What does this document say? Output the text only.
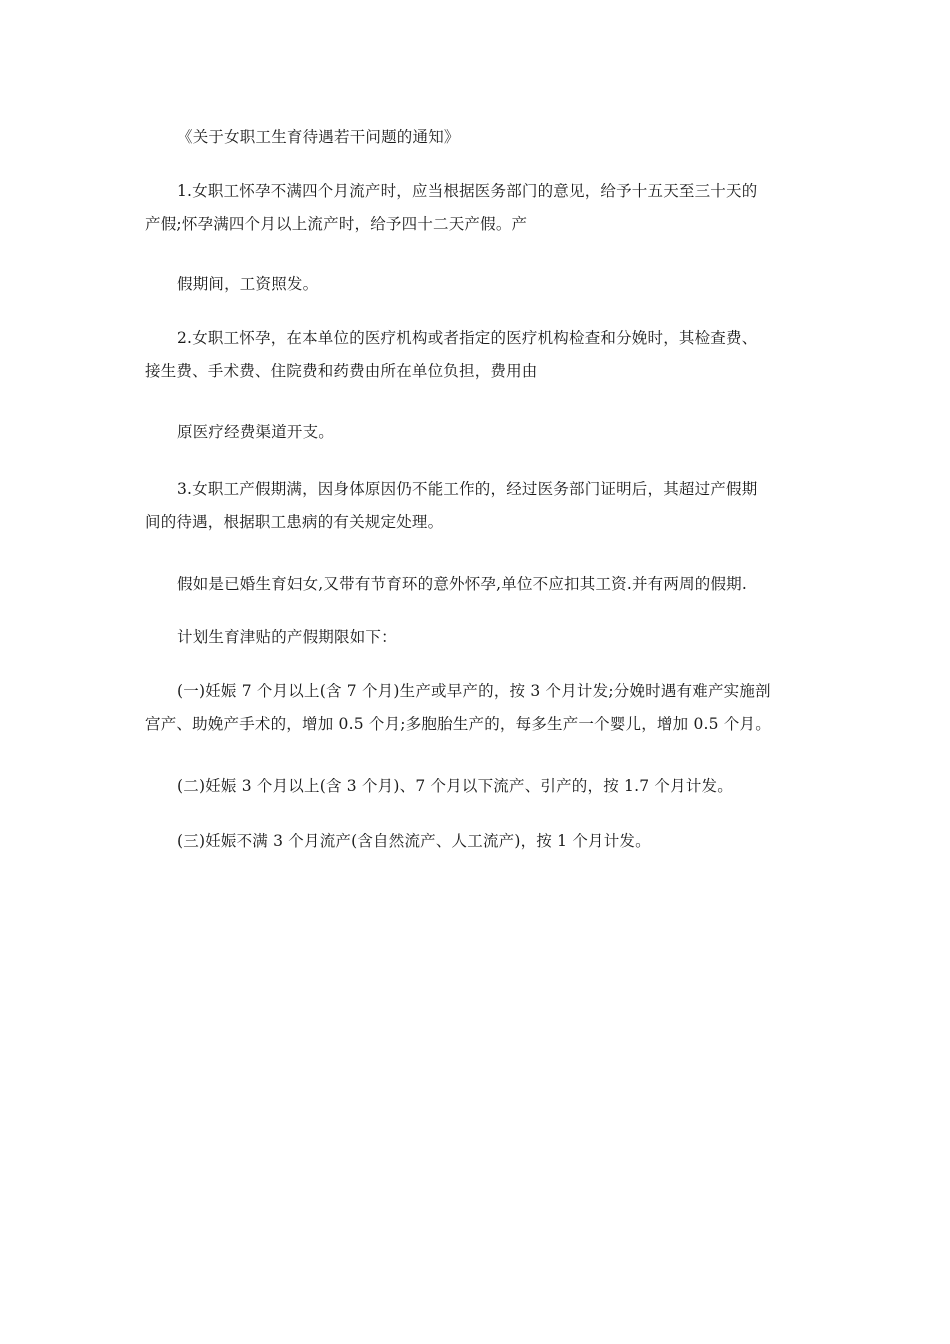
《关于女职工生育待遇若干问题的通知》

1.女职工怀孕不满四个月流产时，应当根据医务部门的意见，给予十五天至三十天的
产假;怀孕满四个月以上流产时，给予四十二天产假。产

假期间，工资照发。

2.女职工怀孕，在本单位的医疗机构或者指定的医疗机构检查和分娩时，其检查费、
接生费、手术费、住院费和药费由所在单位负担，费用由

原医疗经费渠道开支。

3.女职工产假期满，因身体原因仍不能工作的，经过医务部门证明后，其超过产假期
间的待遇，根据职工患病的有关规定处理。

假如是已婚生育妇女,又带有节育环的意外怀孕,单位不应扣其工资.并有两周的假期.

计划生育津贴的产假期限如下：

(一)妊娠 7 个月以上(含 7 个月)生产或早产的，按 3 个月计发;分娩时遇有难产实施剖
宫产、助娩产手术的，增加 0.5 个月;多胞胎生产的，每多生产一个婴儿，增加 0.5 个月。

(二)妊娠 3 个月以上(含 3 个月)、7 个月以下流产、引产的，按 1.7 个月计发。

(三)妊娠不满 3 个月流产(含自然流产、人工流产)，按 1 个月计发。
